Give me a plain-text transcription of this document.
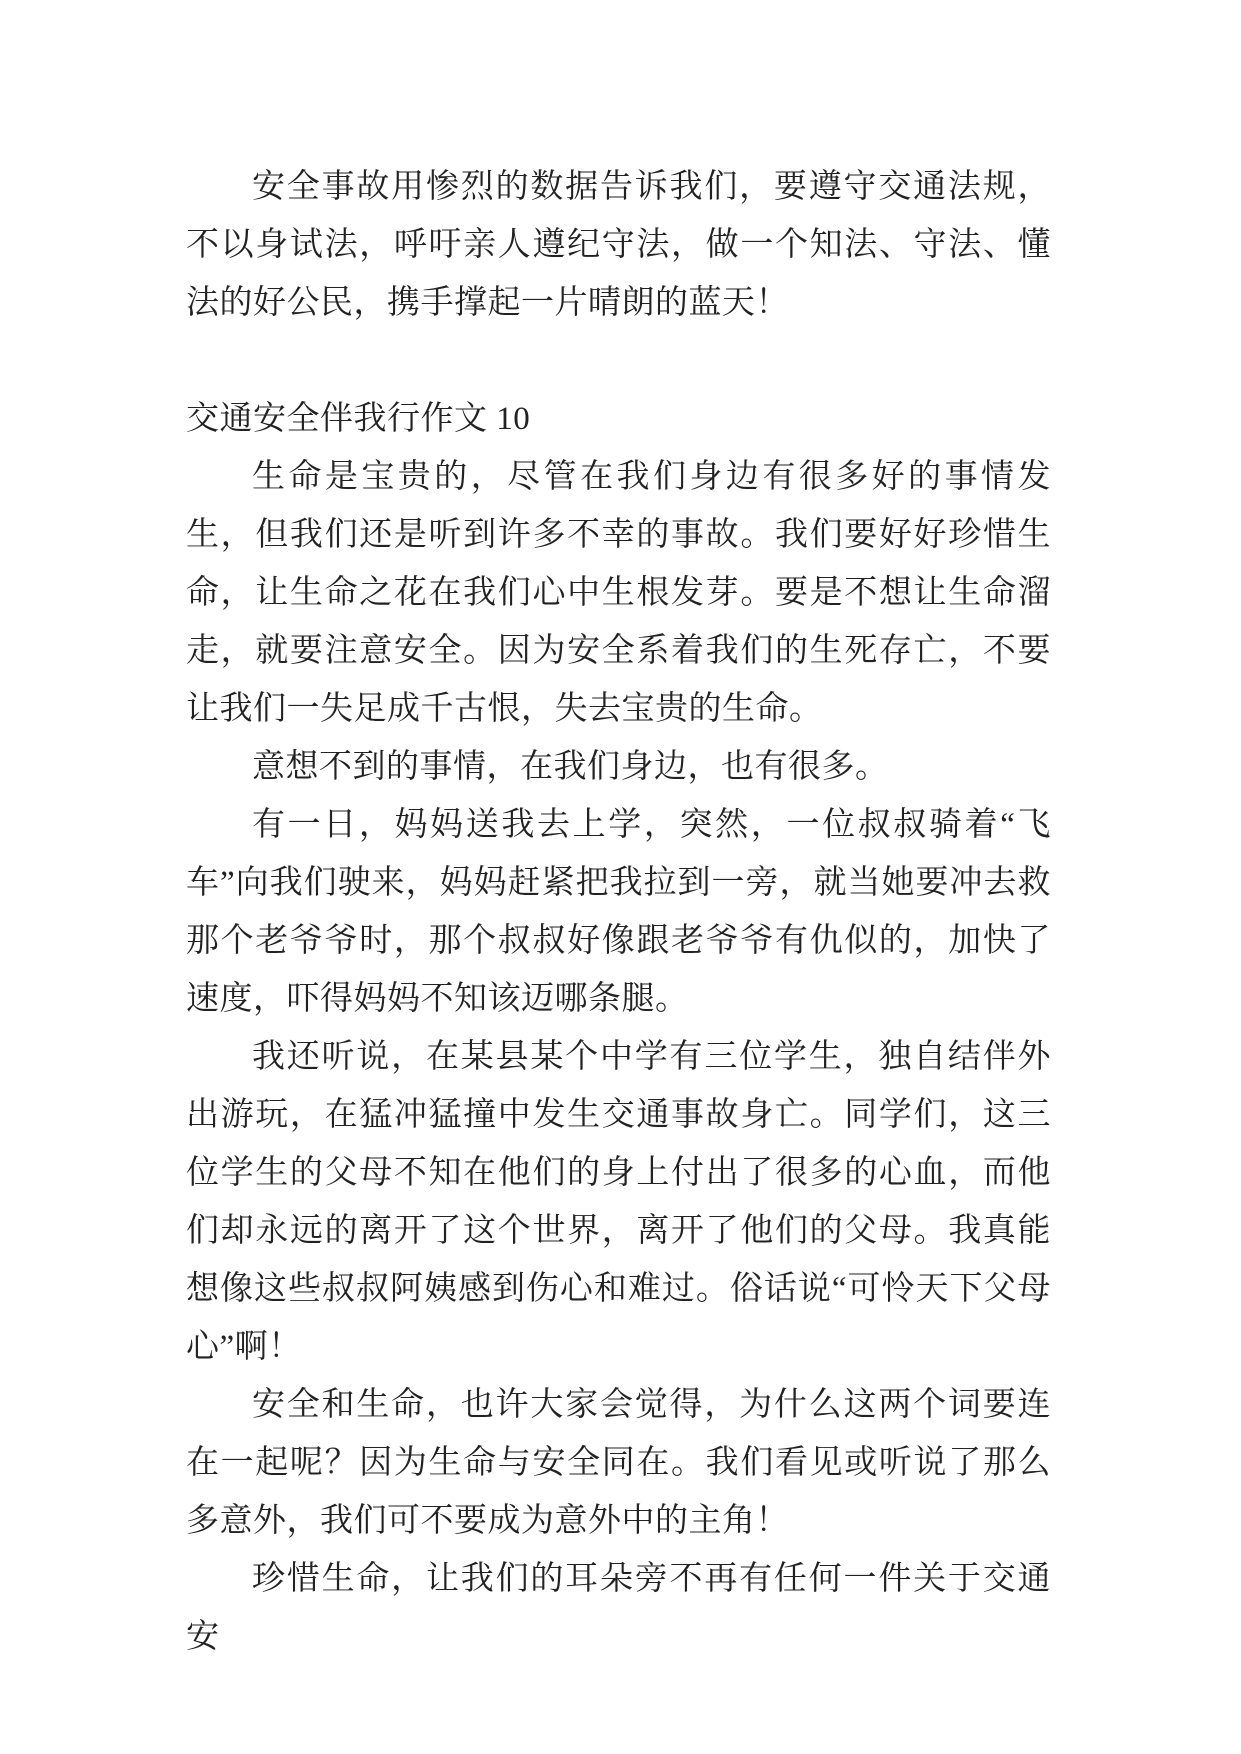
安全事故用惨烈的数据告诉我们，要遵守交通法规，不以身试法，呼吁亲人遵纪守法，做一个知法、守法、懂法的好公民，携手撑起一片晴朗的蓝天！

交通安全伴我行作文 10

生命是宝贵的，尽管在我们身边有很多好的事情发生，但我们还是听到许多不幸的事故。我们要好好珍惜生命，让生命之花在我们心中生根发芽。要是不想让生命溜走，就要注意安全。因为安全系着我们的生死存亡，不要让我们一失足成千古恨，失去宝贵的生命。

意想不到的事情，在我们身边，也有很多。

有一日，妈妈送我去上学，突然，一位叔叔骑着“飞车”向我们驶来，妈妈赶紧把我拉到一旁，就当她要冲去救那个老爷爷时，那个叔叔好像跟老爷爷有仇似的，加快了速度，吓得妈妈不知该迈哪条腿。

我还听说，在某县某个中学有三位学生，独自结伴外出游玩，在猛冲猛撞中发生交通事故身亡。同学们，这三位学生的父母不知在他们的身上付出了很多的心血，而他们却永远的离开了这个世界，离开了他们的父母。我真能想像这些叔叔阿姨感到伤心和难过。俗话说“可怜天下父母心”啊！

安全和生命，也许大家会觉得，为什么这两个词要连在一起呢？因为生命与安全同在。我们看见或听说了那么多意外，我们可不要成为意外中的主角！

珍惜生命，让我们的耳朵旁不再有任何一件关于交通安
